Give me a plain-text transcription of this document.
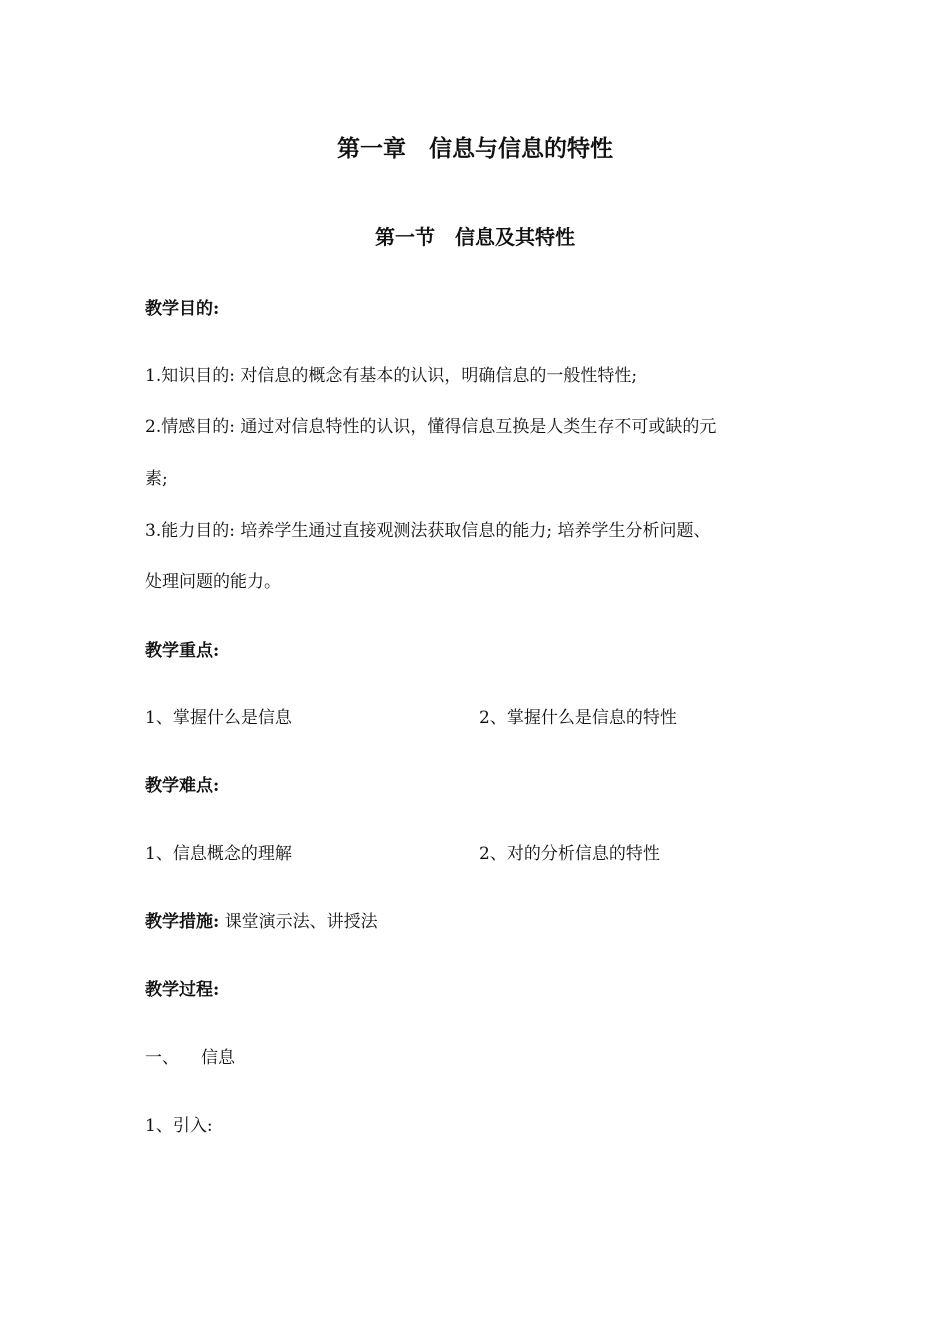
第一章　信息与信息的特性
第一节　信息及其特性
教学目的:
1.知识目的: 对信息的概念有基本的认识，明确信息的一般性特性;
2.情感目的: 通过对信息特性的认识，懂得信息互换是人类生存不可或缺的元
素;
3.能力目的: 培养学生通过直接观测法获取信息的能力; 培养学生分析问题、
处理问题的能力。
教学重点:
1、掌握什么是信息	2、掌握什么是信息的特性
教学难点:
1、信息概念的理解	2、对的分析信息的特性
教学措施: 课堂演示法、讲授法
教学过程:
一、 信息
1、引入:
